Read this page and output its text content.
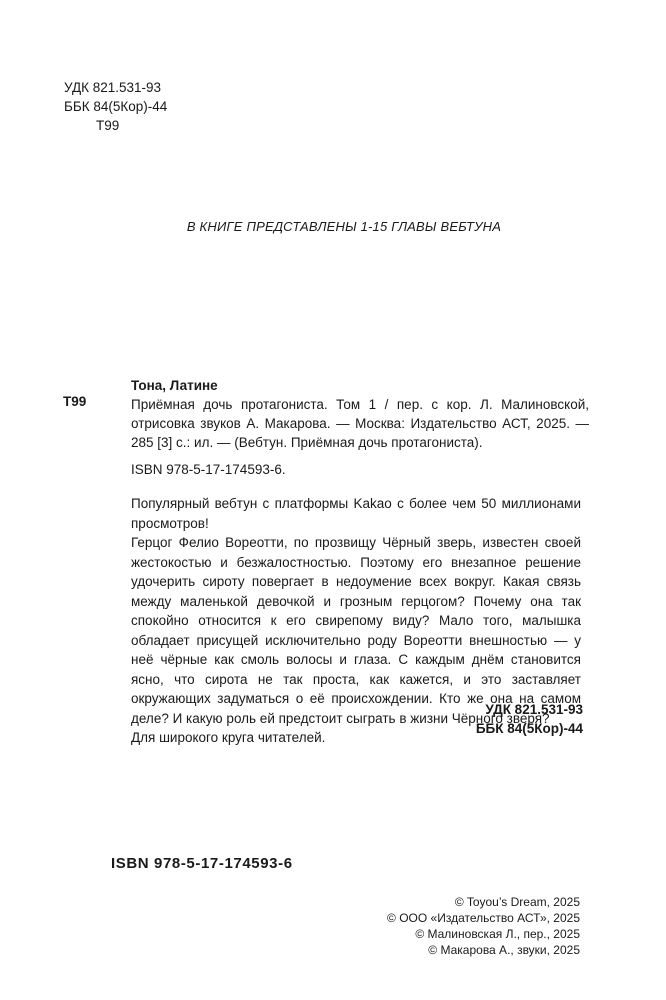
УДК 821.531-93
ББК 84(5Кор)-44
Т99
В КНИГЕ ПРЕДСТАВЛЕНЫ 1-15 ГЛАВЫ ВЕБТУНА
Т99
Тона, Латине
Приёмная дочь протагониста. Том 1 / пер. с кор. Л. Малиновской, отрисовка звуков А. Макарова. — Москва: Издательство АСТ, 2025. — 285 [3] с.: ил. — (Вебтун. Приёмная дочь протагониста).
ISBN 978-5-17-174593-6.

Популярный вебтун с платформы Kakao с более чем 50 миллионами просмотров!

Герцог Фелио Вореотти, по прозвищу Чёрный зверь, известен своей жестокостью и безжалостностью. Поэтому его внезапное решение удочерить сироту повергает в недоумение всех вокруг. Какая связь между маленькой девочкой и грозным герцогом? Почему она так спокойно относится к его свирепому виду? Мало того, малышка обладает присущей исключительно роду Вореотти внешностью — у неё чёрные как смоль волосы и глаза. С каждым днём становится ясно, что сирота не так проста, как кажется, и это заставляет окружающих задуматься о её происхождении. Кто же она на самом деле? И какую роль ей предстоит сыграть в жизни Чёрного зверя?

Для широкого круга читателей.

УДК 821.531-93
ББК 84(5Кор)-44
ISBN 978-5-17-174593-6
© Toyou’s Dream, 2025
© ООО «Издательство АСТ», 2025
© Малиновская Л., пер., 2025
© Макарова А., звуки, 2025
